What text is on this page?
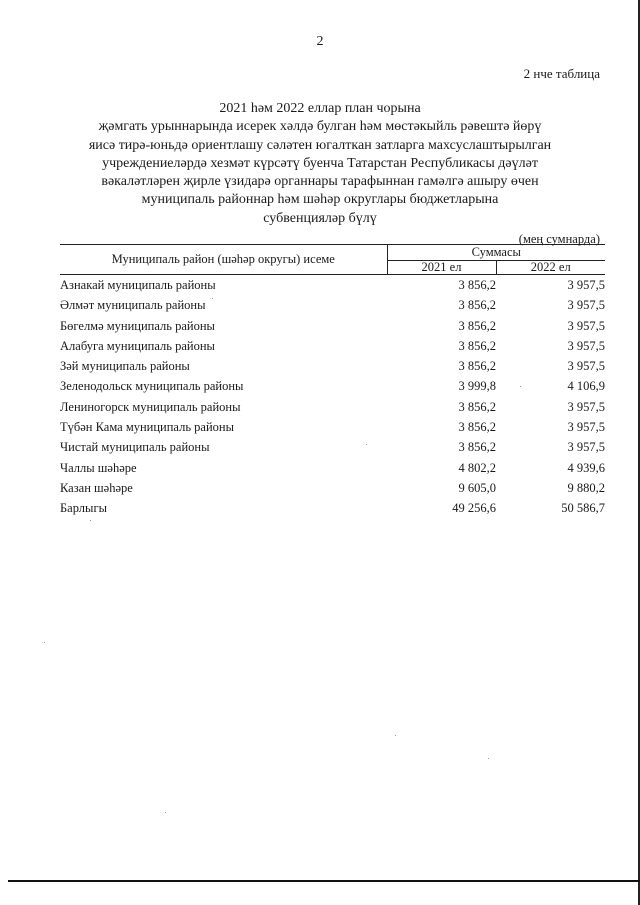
2
2 нче таблица
2021 һәм 2022 еллар план чорына
җәмгать урыннарында исерек хәлдә булган һәм мөстәкыйль рәвештә йөрү
яисә тирә-юньдә ориентлашу сәләтен югалткан затларга махсуслаштырылган
учреждениеләрдә хезмәт күрсәтү буенча Татарстан Республикасы дәүләт
вәкаләтләрен җирле үзидарә органнары тарафыннан гамәлгә ашыру өчен
муниципаль районнар һәм шәһәр округлары бюджетларына
субвенцияләр бүлү
(мең сумнарда)
Муниципаль район (шәһәр округы) исеме	Суммасы	
	2021 ел	2022 ел
Азнакай муниципаль районы	3 856,2	3 957,5
Әлмәт муниципаль районы	3 856,2	3 957,5
Бөгелмә муниципаль районы	3 856,2	3 957,5
Алабуга муниципаль районы	3 856,2	3 957,5
Зәй муниципаль районы	3 856,2	3 957,5
Зеленодольск муниципаль районы	3 999,8	4 106,9
Лениногорск муниципаль районы	3 856,2	3 957,5
Түбән Кама муниципаль районы	3 856,2	3 957,5
Чистай муниципаль районы	3 856,2	3 957,5
Чаллы шәһәре	4 802,2	4 939,6
Казан шәһәре	9 605,0	9 880,2
Барлыгы	49 256,6	50 586,7
